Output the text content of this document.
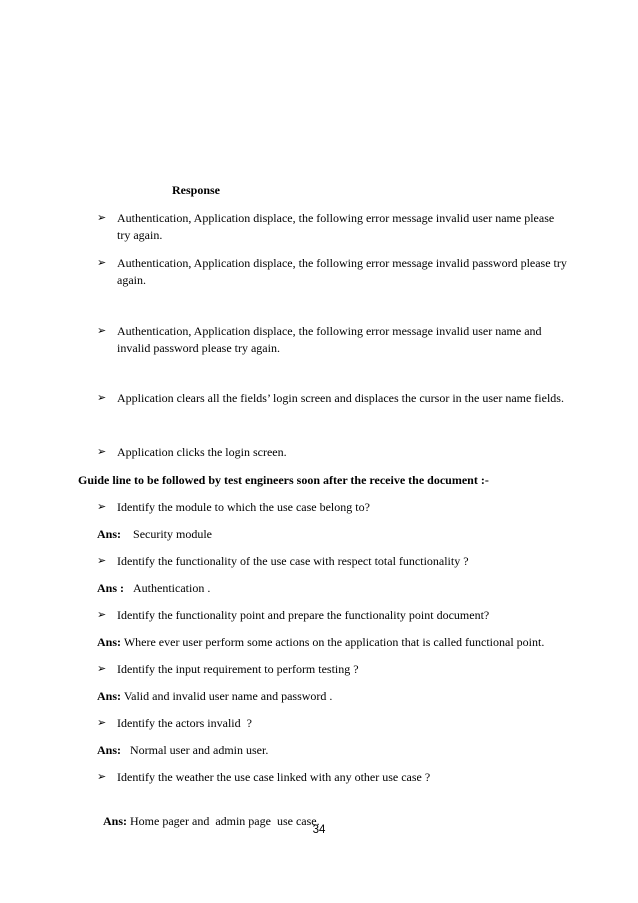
Response
➢ Authentication, Application displace, the following error message invalid user name please try again.
➢ Authentication, Application displace, the following error message invalid password please try again.
➢ Authentication, Application displace, the following error message invalid user name and invalid password please try again.
➢ Application clears all the fields’ login screen and displaces the cursor in the user name fields.
➢ Application clicks the login screen.
Guide line to be followed by test engineers soon after the receive the document :-
➢ Identify the module to which the use case belong to?
Ans: Security module
➢ Identify the functionality of the use case with respect total functionality ?
Ans : Authentication .
➢ Identify the functionality point and prepare the functionality point document?
Ans: Where ever user perform some actions on the application that is called functional point.
➢ Identify the input requirement to perform testing ?
Ans: Valid and invalid user name and password .
➢ Identify the actors invalid  ?
Ans: Normal user and admin user.
➢ Identify the weather the use case linked with any other use case ?

Ans: Home pager and  admin page  use case.

34
